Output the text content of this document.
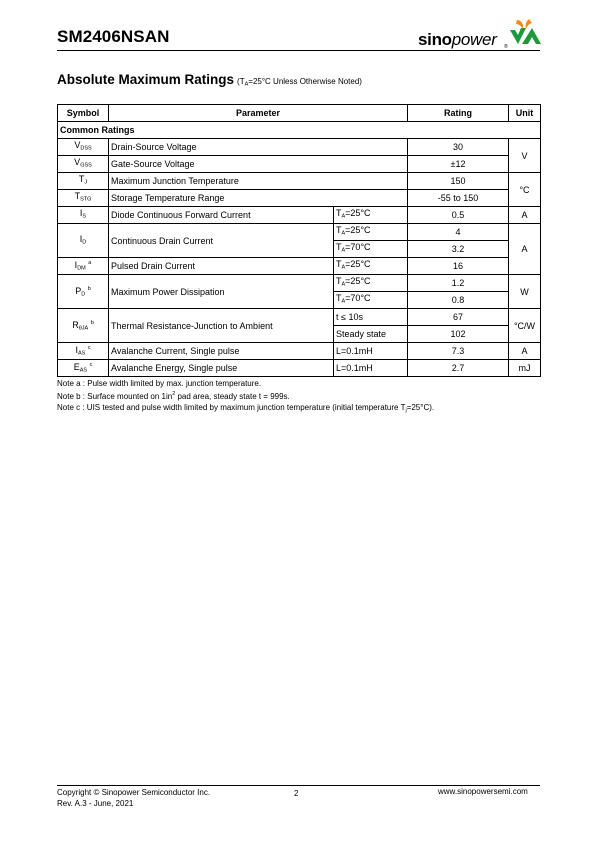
SM2406NSAN	sinopower ®
Absolute Maximum Ratings ($T_A=25^\circ C$ Unless Otherwise Noted)
Symbol	Parameter		Rating	Unit
Common Ratings				
$V_{DSS}$	Drain-Source Voltage		30	V
$V_{GSS}$	Gate-Source Voltage		±12	
$T_J$	Maximum Junction Temperature		150	°C
$T_{STG}$	Storage Temperature Range		-55 to 150	
$I_S$	Diode Continuous Forward Current	$T_A=25^\circ C$	0.5	A
$I_D$	Continuous Drain Current	$T_A=25^\circ C$	4	A
		$T_A=70^\circ C$	3.2	
$I_{DM}$ $^a$	Pulsed Drain Current	$T_A=25^\circ C$	16	
$P_D$ $^b$	Maximum Power Dissipation	$T_A=25^\circ C$	1.2	W
		$T_A=70^\circ C$	0.8	
$R_{\theta JA}$ $^b$	Thermal Resistance-Junction to Ambient	t ≤ 10s	67	°C/W
		Steady state	102	
$I_{AS}$ $^c$	Avalanche Current, Single pulse	L=0.1mH	7.3	A
$E_{AS}$ $^c$	Avalanche Energy, Single pulse	L=0.1mH	2.7	mJ
Note a : Pulse width limited by max. junction temperature.
Note b : Surface mounted on $1in^2$ pad area, steady state t = 999s.
Note c : UIS tested and pulse width limited by maximum junction temperature (initial temperature $T_j=25^\circ C$).
Copyright © Sinopower Semiconductor Inc.
Rev. A.3 - June, 2021
2	www.sinopowersemi.com
